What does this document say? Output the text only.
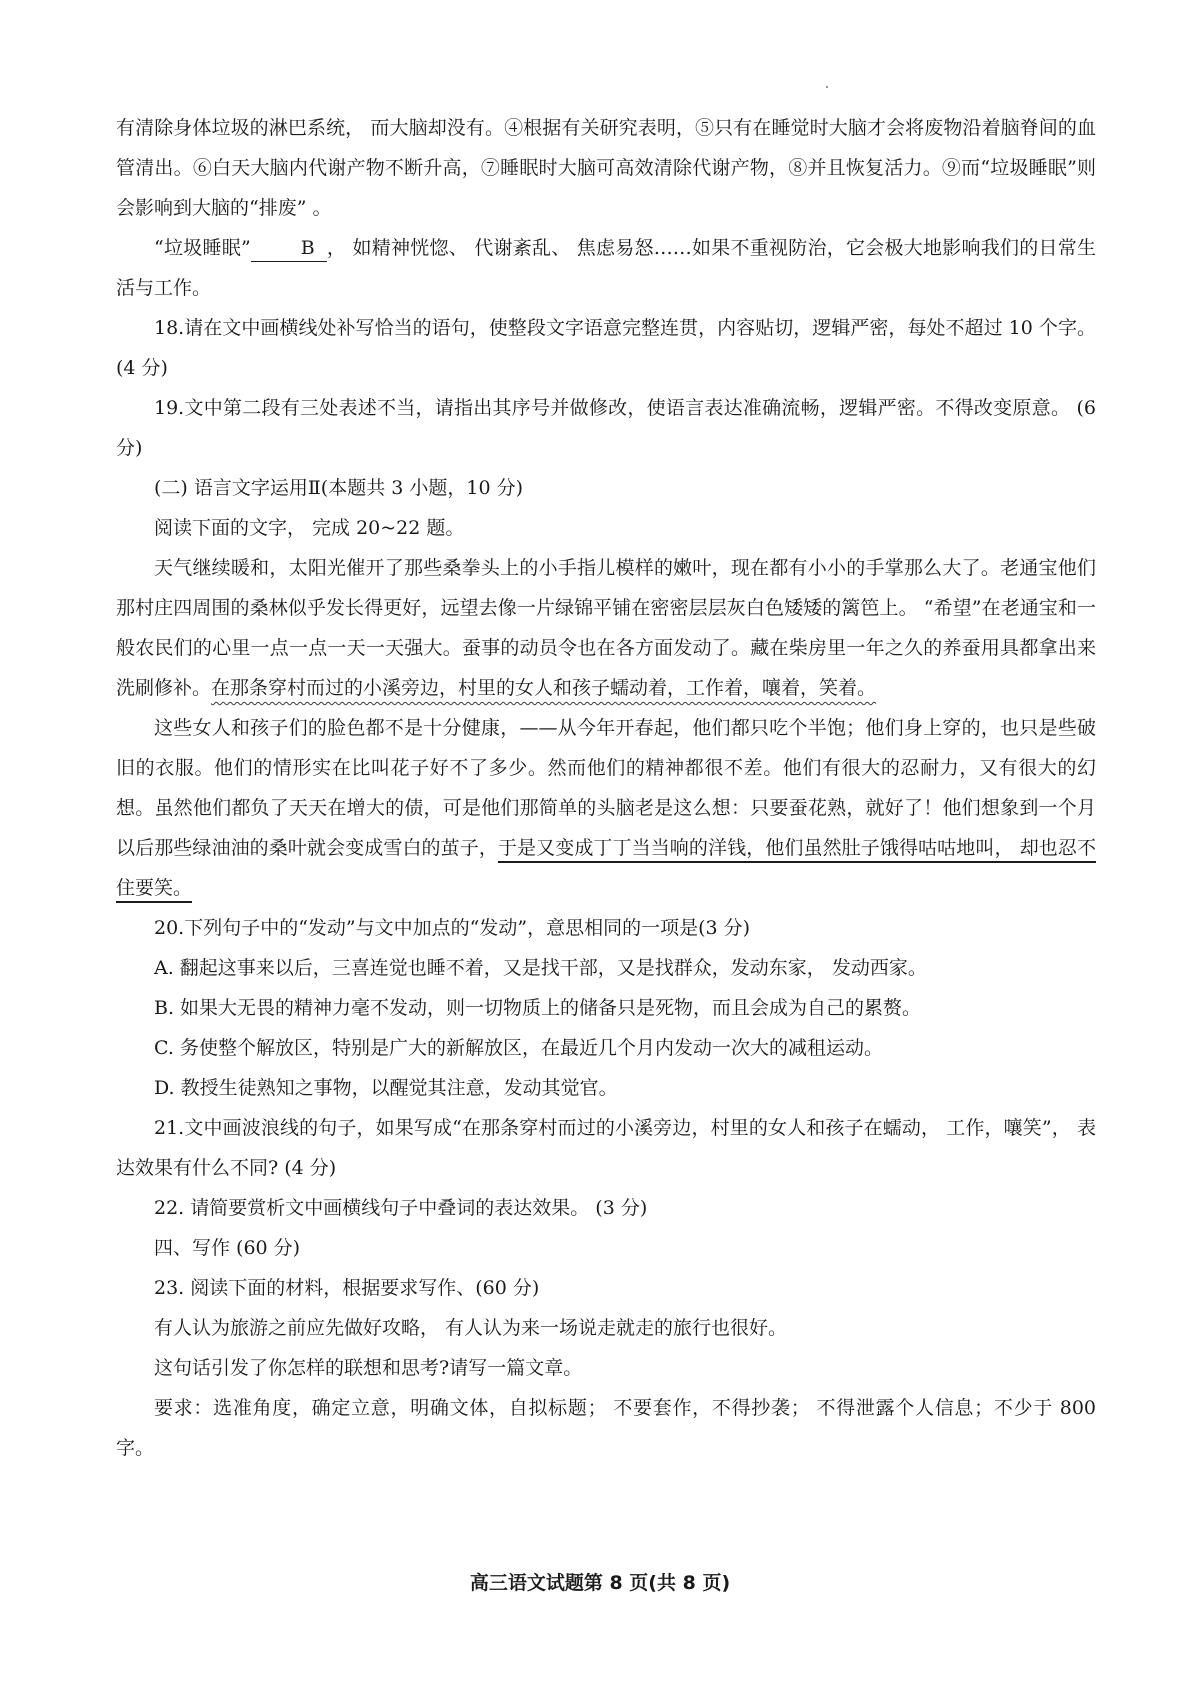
有清除身体垃圾的淋巴系统， 而大脑却没有。④根据有关研究表明，⑤只有在睡觉时大脑才会将废物沿着脑脊间的血管清出。⑥白天大脑内代谢产物不断升高，⑦睡眠时大脑可高效清除代谢产物，⑧并且恢复活力。⑨而“垃圾睡眠”则会影响到大脑的“排废” 。

“垃圾睡眠”	B ， 如精神恍惚、 代谢紊乱、 焦虑易怒……如果不重视防治，它会极大地影响我们的日常生活与工作。

18.请在文中画横线处补写恰当的语句，使整段文字语意完整连贯，内容贴切，逻辑严密，每处不超过 10 个字。 (4 分)

19.文中第二段有三处表述不当，请指出其序号并做修改，使语言表达准确流畅，逻辑严密。不得改变原意。 (6 分)

(二) 语言文字运用Ⅱ(本题共 3 小题，10 分)

阅读下面的文字， 完成 20~22 题。

天气继续暖和，太阳光催开了那些桑拳头上的小手指儿模样的嫩叶，现在都有小小的手掌那么大了。老通宝他们那村庄四周围的桑林似乎发长得更好，远望去像一片绿锦平铺在密密层层灰白色矮矮的篱笆上。 “希望”在老通宝和一般农民们的心里一点一点一天一天强大。蚕事的动员令也在各方面发动了。藏在柴房里一年之久的养蚕用具都拿出来洗刷修补。在那条穿村而过的小溪旁边，村里的女人和孩子蠕动着，工作着，嚷着，笑着。

这些女人和孩子们的脸色都不是十分健康，——从今年开春起，他们都只吃个半饱；他们身上穿的，也只是些破旧的衣服。他们的情形实在比叫花子好不了多少。然而他们的精神都很不差。他们有很大的忍耐力，又有很大的幻想。虽然他们都负了天天在增大的债，可是他们那简单的头脑老是这么想：只要蚕花熟，就好了！他们想象到一个月以后那些绿油油的桑叶就会变成雪白的茧子，于是又变成丁丁当当响的洋钱，他们虽然肚子饿得咕咕地叫， 却也忍不住要笑。

20.下列句子中的“发动”与文中加点的“发动”，意思相同的一项是(3 分)

A. 翻起这事来以后，三喜连觉也睡不着，又是找干部，又是找群众，发动东家， 发动西家。

B. 如果大无畏的精神力毫不发动，则一切物质上的储备只是死物，而且会成为自己的累赘。

C. 务使整个解放区，特别是广大的新解放区，在最近几个月内发动一次大的减租运动。

D. 教授生徒熟知之事物，以醒觉其注意，发动其觉官。

21.文中画波浪线的句子，如果写成“在那条穿村而过的小溪旁边，村里的女人和孩子在蠕动， 工作，嚷笑”， 表达效果有什么不同? (4 分)

22. 请简要赏析文中画横线句子中叠词的表达效果。 (3 分)

四、写作 (60 分)

23. 阅读下面的材料，根据要求写作、(60 分)

有人认为旅游之前应先做好攻略， 有人认为来一场说走就走的旅行也很好。

这句话引发了你怎样的联想和思考?请写一篇文章。

要求：选准角度，确定立意，明确文体，自拟标题； 不要套作，不得抄袭； 不得泄露个人信息；不少于 800 字。

高三语文试题第 8 页(共 8 页)
